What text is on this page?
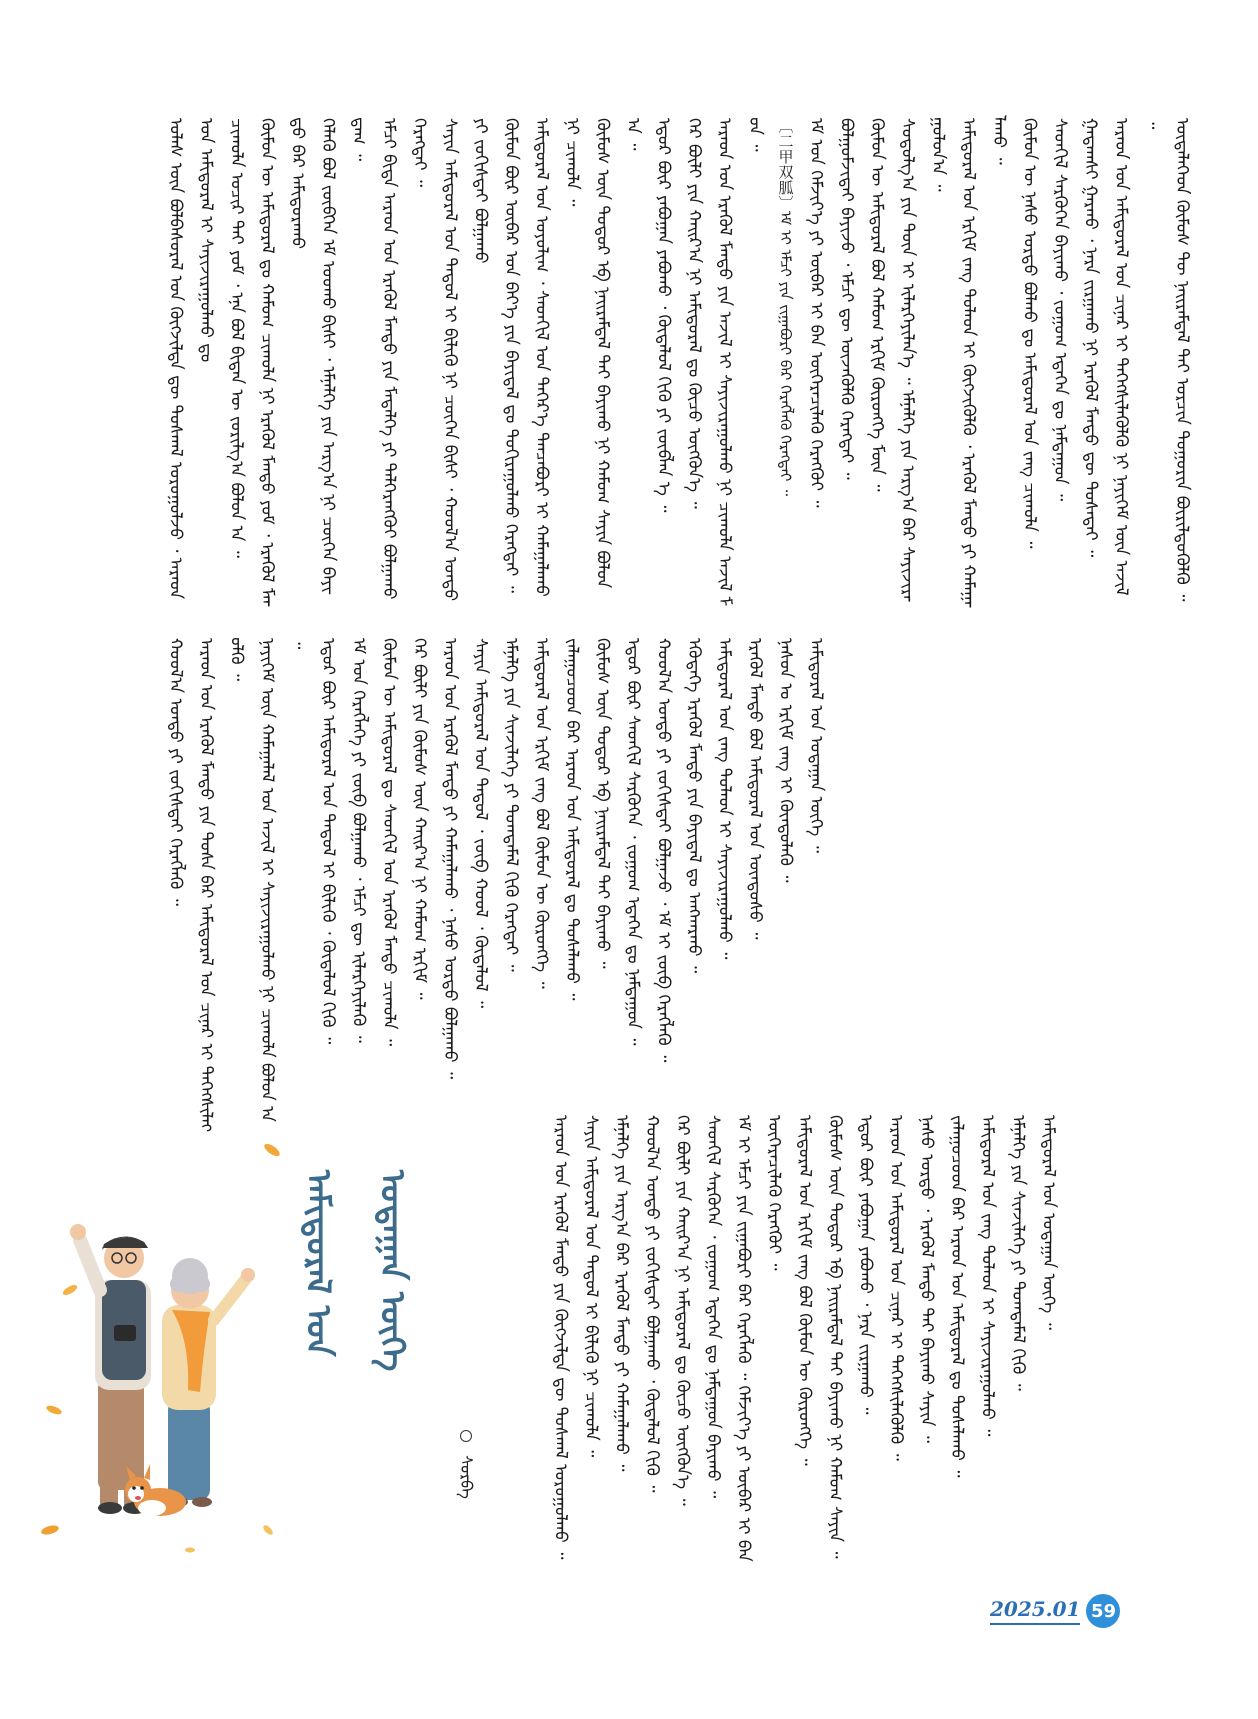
ᠤᠯᠠᠰ ᠦᠨ ᠪᠣᠯᠪᠠᠰᠤᠷᠠᠯ ᠤᠨ ᠬᠥᠭᠵᠢᠯᠲᠡ ᠳᠦ ᠳᠤᠰᠬᠠᠯ ᠣᠷᠤᠭᠤᠯᠵᠤ ᠂ ᠠᠷᠠᠳ ᠤᠨ ᠠᠮᠢᠳᠤᠷᠠᠯ ᠢ ᠰᠠᠶᠢᠵᠢᠷᠠᠭᠤᠯᠬᠤ ᠳᠤ ᠴᠢᠬᠤᠯᠠ ᠤᠴᠢᠷ ᠲᠠᠢ ᠶᠤᠮ ᠂ ᠡᠨᠡ ᠪᠣᠯ ᠪᠢᠳᠡᠨ ᠦ ᠵᠣᠷᠢᠯᠭ᠎ᠠ ᠪᠣᠯᠤᠨ ᠠ ᠃ ᠬᠦᠮᠦᠨ ᠦ ᠠᠮᠢᠳᠤᠷᠠᠯ ᠳᠤ ᠬᠠᠮᠤᠭ ᠴᠢᠬᠤᠯᠠ ᠨᠢ ᠡᠷᠡᠬᠦᠯ ᠮᠡᠨᠳᠦ ᠶᠤᠮ ᠂ ᠡᠷᠡᠬᠦᠯ ᠮᠡᠨᠳᠦ ᠪᠡᠷ ᠠᠮᠢᠳᠤᠷᠠᠬᠤ ᠬᠡᠯᠡᠬᠦ ᠪᠣᠯ ᠵᠥᠪᠬᠡᠨ ᠡᠮ ᠤᠤᠬᠤ ᠪᠢᠰᠢ ᠂ ᠡᠮᠨᠡᠯᠭᠡ ᠶᠢᠨ ᠠᠷᠭ᠎ᠠ ᠨᠢ ᠴᠥᠭᠡᠨ ᠪᠠᠶᠢᠳᠠᠭ ᠃ ᠡᠮᠴᠢ ᠪᠢᠳᠡ ᠠᠷᠠᠳ ᠤᠨ ᠡᠷᠡᠬᠦᠯ ᠮᠡᠨᠳᠦ ᠶᠢᠨ ᠮᠡᠳᠡᠯᠭᠡ ᠶᠢ ᠳᠡᠯᠭᠡᠷᠡᠩᠭᠦᠢ ᠪᠣᠯᠭᠠᠬᠤ ᠬᠡᠷᠡᠭᠲᠡᠢ ᠃ ᠰᠠᠶᠢᠨ ᠠᠮᠢᠳᠤᠷᠠᠯ ᠤᠨ ᠳᠠᠳᠤᠯ ᠢ ᠪᠢᠯᠢᠬᠦ ᠨᠢ ᠴᠥᠭᠡᠨ ᠪᠢᠰᠢ ᠂ ᠬᠣᠣᠯ᠎ᠠ ᠤᠨᠳᠤ ᠶᠢ ᠵᠣᠬᠢᠰᠲᠠᠢ ᠪᠣᠯᠭᠠᠬᠤ ᠬᠦᠮᠦᠨ ᠪᠦᠷ ᠥᠪᠡᠷ ᠤᠨ ᠪᠡᠶ᠎ᠡ ᠶᠢᠨ ᠪᠠᠶᠢᠳᠠᠯ ᠳᠤ ᠲᠣᠬᠢᠷᠠᠭᠤᠯᠬᠤ ᠬᠡᠷᠡᠭᠲᠡᠢ ᠃ ᠠᠮᠢᠳᠤᠷᠠᠯ ᠤᠨ ᠤᠶᠤᠯᠢᠭ ᠂ ᠰᠡᠳᠬᠢᠯ ᠤᠨ ᠳᠡᠭᠡᠷ᠎ᠡ ᠲᠡᠨᠴᠡᠪᠦᠷᠢ ᠢ ᠬᠠᠮᠠᠭᠠᠯᠠᠬᠤ ᠨᠢ ᠴᠢᠬᠤᠯᠠ ᠃ ᠬᠦᠮᠦᠰ ᠦᠨ ᠳᠤᠳᠤᠷ ᠡᠪ ᠨᠠᠢᠷᠠᠮᠳᠠᠯ ᠲᠠᠢ ᠪᠠᠶᠢᠬᠤ ᠨᠢ ᠬᠠᠮᠤᠭ ᠰᠠᠶᠢᠨ ᠪᠣᠯᠤᠨ ᠠ ᠃ ᠡᠳᠦᠷ ᠪᠦᠷ ᠶᠠᠪᠤᠭᠠᠨ ᠶᠠᠪᠤᠬᠤ ᠂ ᠬᠥᠳᠡᠯᠦᠯ ᠬᠢᠬᠦ ᠶᠢ ᠵᠥᠪᠯᠡᠨ ᠡ ᠃ ᠭᠡᠷ ᠪᠦᠯᠢ ᠶᠢᠨ ᠬᠠᠢᠷ᠎ᠠ ᠨᠢ ᠠᠮᠢᠳᠤᠷᠠᠯ ᠳᠤ ᠬᠦᠴᠦ ᠥᠭᠭᠦᠨ᠎ᠡ ᠃ ᠠᠷᠠᠳ ᠤᠨ ᠡᠷᠡᠬᠦᠯ ᠮᠡᠨᠳᠦ ᠶᠢᠨ ᠠᠵᠢᠯ ᠢ ᠰᠠᠶᠢᠵᠢᠷᠠᠭᠤᠯᠬᠤ ᠨᠢ ᠴᠢᠬᠤᠯᠠ ᠠᠵᠢᠯ ᠮᠥᠨ ᠃ 〔二甲双胍〕ᠡᠮ ᠢ ᠡᠮᠴᠢ ᠶᠢᠨ ᠵᠢᠭᠠᠪᠤᠷᠢ ᠪᠡᠷ ᠬᠡᠷᠡᠭᠯᠡᠬᠦ ᠬᠡᠷᠡᠭᠲᠡᠢ ᠃ ᠡᠮ ᠤᠨ ᠬᠡᠮᠵᠢᠶ᠎ᠡ ᠶᠢ ᠥᠪᠡᠷ ᠢ ᠪᠡᠨ ᠥᠭᠡᠷᠡᠴᠢᠯᠡᠬᠦ ᠬᠡᠷᠡᠭᠭᠦᠢ ᠃ ᠪᠣᠯᠭᠣᠮᠵᠢᠲᠠᠢ ᠪᠠᠶᠢᠵᠤ ᠂ ᠡᠮᠴᠢ ᠳᠦ ᠦᠵᠡᠭᠦᠯᠬᠦ ᠬᠡᠷᠡᠭᠲᠡᠢ ᠃ ᠬᠦᠮᠦᠨ ᠦ ᠠᠮᠢᠳᠤᠷᠠᠯ ᠪᠣᠯ ᠬᠠᠮᠤᠭ ᠡᠷᠬᠢᠮ ᠬᠥᠷᠥᠩᠭᠡ ᠮᠥᠨ ᠃ ᠰᠣᠳᠤᠯᠭ᠎ᠠ ᠶᠢᠨ ᠳᠦᠨ ᠢ ᠢᠯᠡᠷᠬᠡᠶᠢᠯᠡᠨ᠎ᠡ ᠃ ᠡᠮᠨᠡᠯᠭᠡ ᠶᠢᠨ ᠠᠷᠭ᠎ᠠ ᠪᠠᠷ ᠰᠠᠶᠢᠵᠢᠷᠠᠭᠤᠯᠤᠨ᠎ᠠ ᠃ ᠠᠮᠢᠳᠤᠷᠠᠯ ᠤᠨ ᠡᠷᠬᠢᠮ ᠵᠠᠩ ᠲᠤᠯᠠᠳ ᠢ ᠬᠥᠭᠵᠢᠭᠦᠯᠬᠦ ᠂ ᠡᠷᠡᠬᠦᠯ ᠮᠡᠨᠳᠦ ᠶᠢ ᠬᠠᠮᠠᠭᠠᠯᠠᠬᠤ ᠃ ᠬᠦᠮᠦᠨ ᠦ ᠨᠠᠰᠤ ᠤᠷᠲᠤ ᠪᠣᠯᠬᠤ ᠳᠤ ᠠᠮᠢᠳᠤᠷᠠᠯ ᠤᠨ ᠵᠠᠩ ᠴᠢᠬᠤᠯᠠ ᠃ ᠰᠡᠳᠬᠢᠯ ᠰᠡᠷᠭᠦᠭᠡᠨ ᠪᠠᠶᠢᠬᠤ ᠂ ᠵᠣᠭᠣᠭ ᠡᠳᠡᠭᠡᠨ ᠳᠤ ᠨᠠᠮᠳᠠᠭᠤᠨ ᠃ ᠭᠠᠳᠠᠭᠰᠢ ᠭᠠᠷᠬᠤ ᠂ ᠨᠠᠷᠠ ᠵᠢᠷᠭᠠᠬᠤ ᠨᠢ ᠡᠷᠡᠬᠦᠯ ᠮᠡᠨᠳᠦ ᠳᠦ ᠲᠤᠰᠠᠲᠠᠢ ᠃ ᠠᠷᠠᠳ ᠤᠨ ᠠᠮᠢᠳᠤᠷᠠᠯ ᠤᠨ ᠴᠢᠨᠠᠷ ᠢ ᠳᠡᠭᠡᠭᠰᠢᠯᠡᠭᠦᠯᠬᠦ ᠨᠢ ᠨᠡᠶᠢᠭᠡᠮ ᠦᠨ ᠠᠵᠢᠯ ᠃ ᠥᠳᠡᠯᠡᠭᠡᠳ ᠬᠦᠮᠦᠰ ᠲᠦ ᠨᠠᠢᠷᠠᠮᠳᠠᠯ ᠲᠠᠢ ᠣᠷᠴᠢᠨ ᠲᠣᠭᠣᠷᠢᠨ ᠪᠦᠷᠢᠯᠳᠦᠭᠦᠯᠬᠦ ᠃
ᠬᠣᠣᠯ᠎ᠠ ᠤᠨᠳᠤ ᠶᠢ ᠵᠣᠬᠢᠰᠲᠠᠢ ᠬᠡᠷᠡᠭᠯᠡᠬᠦ ᠃ ᠠᠷᠠᠳ ᠤᠨ ᠡᠷᠡᠬᠦᠯ ᠮᠡᠨᠳᠦ ᠶᠢᠨ ᠲᠤᠰᠠ ᠪᠠᠷ ᠠᠮᠢᠳᠤᠷᠠᠯ ᠤᠨ ᠴᠢᠨᠠᠷ ᠢ ᠳᠡᠭᠡᠭᠰᠢᠯᠡᠭᠦᠯᠬᠦ ᠃ ᠨᠡᠶᠢᠭᠡᠮ ᠦᠨ ᠬᠠᠮᠠᠭᠠᠯᠠᠯ ᠤᠨ ᠠᠵᠢᠯ ᠢ ᠰᠠᠶᠢᠵᠢᠷᠠᠭᠤᠯᠬᠤ ᠨᠢ ᠴᠢᠬᠤᠯᠠ ᠪᠣᠯᠤᠨ ᠠ ᠃ ᠡᠳᠦᠷ ᠪᠦᠷ ᠠᠮᠢᠳᠤᠷᠠᠯ ᠤᠨ ᠳᠠᠳᠤᠯ ᠢ ᠪᠢᠯᠢᠬᠦ ᠂ ᠬᠥᠳᠡᠯᠦᠯ ᠬᠢᠬᠦ ᠃ ᠡᠮ ᠤᠨ ᠬᠡᠷᠡᠭᠯᠡᠭᠡ ᠶᠢ ᠵᠥᠪ ᠪᠣᠯᠭᠠᠬᠤ ᠂ ᠡᠮᠴᠢ ᠳᠦ ᠢᠯᠡᠷᠬᠡᠶᠢᠯᠡᠬᠦ ᠃ ᠬᠦᠮᠦᠨ ᠦ ᠠᠮᠢᠳᠤᠷᠠᠯ ᠳᠤ ᠰᠡᠳᠬᠢᠯ ᠤᠨ ᠡᠷᠡᠬᠦᠯ ᠮᠡᠨᠳᠦ ᠴᠢᠬᠤᠯᠠ ᠃ ᠭᠡᠷ ᠪᠦᠯᠢ ᠶᠢᠨ ᠬᠦᠮᠦᠰ ᠦᠨ ᠬᠠᠢᠷ᠎ᠠ ᠨᠢ ᠬᠠᠮᠤᠭ ᠡᠷᠬᠢᠮ ᠃ ᠠᠷᠠᠳ ᠤᠨ ᠡᠷᠡᠬᠦᠯ ᠮᠡᠨᠳᠦ ᠶᠢ ᠬᠠᠮᠠᠭᠠᠯᠠᠬᠤ ᠂ ᠨᠠᠰᠤ ᠤᠷᠲᠤ ᠪᠣᠯᠭᠠᠬᠤ ᠃ ᠰᠠᠶᠢᠨ ᠠᠮᠢᠳᠤᠷᠠᠯ ᠤᠨ ᠳᠠᠳᠤᠯ ᠂ ᠵᠥᠪ ᠬᠣᠣᠯ ᠂ ᠬᠥᠳᠡᠯᠦᠯ ᠃ ᠡᠮᠨᠡᠯᠭᠡ ᠶᠢᠨ ᠰᠢᠨᠵᠢᠯᠡᠭᠡ ᠶᠢ ᠲᠣᠭᠲᠠᠮᠠᠯ ᠬᠢᠬᠦ ᠬᠡᠷᠡᠭᠲᠡᠢ ᠃ ᠠᠮᠢᠳᠤᠷᠠᠯ ᠤᠨ ᠡᠷᠬᠢᠮ ᠵᠠᠩ ᠪᠣᠯ ᠬᠦᠮᠦᠨ ᠦ ᠬᠥᠷᠥᠩᠭᠡ ᠃ ᠵᠠᠯᠠᠭᠤᠴᠤᠳ ᠪᠡᠷ ᠠᠷᠠᠳ ᠤᠨ ᠠᠮᠢᠳᠤᠷᠠᠯ ᠳᠤ ᠲᠤᠰᠠᠯᠠᠬᠤ ᠃ ᠬᠦᠮᠦᠰ ᠦᠨ ᠳᠤᠳᠤᠷ ᠡᠪ ᠨᠠᠢᠷᠠᠮᠳᠠᠯ ᠲᠠᠢ ᠪᠠᠶᠢᠬᠤ ᠃ ᠡᠳᠦᠷ ᠪᠦᠷ ᠰᠡᠳᠬᠢᠯ ᠰᠡᠷᠭᠦᠭᠡᠨ ᠂ ᠵᠣᠭᠣᠭ ᠡᠳᠡᠭᠡᠨ ᠳᠤ ᠨᠠᠮᠳᠠᠭᠤᠨ ᠃ ᠬᠣᠣᠯ᠎ᠠ ᠤᠨᠳᠤ ᠶᠢ ᠵᠣᠬᠢᠰᠲᠠᠢ ᠪᠣᠯᠭᠠᠵᠤ ᠂ ᠡᠮ ᠢ ᠵᠥᠪ ᠬᠡᠷᠡᠭᠯᠡᠬᠦ ᠃ ᠡᠭᠦᠳᠡᠭᠡ ᠡᠷᠡᠬᠦᠯ ᠮᠡᠨᠳᠦ ᠶᠢᠨ ᠪᠠᠶᠢᠳᠠᠯ ᠳᠤ ᠠᠩᠬᠠᠷᠬᠤ ᠃ ᠠᠮᠢᠳᠤᠷᠠᠯ ᠤᠨ ᠵᠠᠩ ᠲᠤᠯᠠᠳ ᠢ ᠰᠠᠶᠢᠵᠢᠷᠠᠭᠤᠯᠬᠤ ᠃ ᠡᠷᠡᠬᠦᠯ ᠮᠡᠨᠳᠦ ᠪᠣᠯ ᠠᠮᠢᠳᠤᠷᠠᠯ ᠤᠨ ᠦᠨᠳᠦᠰᠦ ᠃ ᠨᠠᠰᠤᠨ ᠤ ᠡᠷᠬᠢᠮ ᠵᠠᠩ ᠢ ᠬᠦᠨᠳᠦᠯᠡᠬᠦ ᠃ ᠠᠮᠢᠳᠤᠷᠠᠯ ᠤᠨ ᠤᠳᠠᠭᠠᠨ ᠦᠭᠡ ᠃
ᠠᠷᠠᠳ ᠤᠨ ᠡᠷᠡᠬᠦᠯ ᠮᠡᠨᠳᠦ ᠶᠢᠨ ᠬᠥᠭᠵᠢᠯᠲᠡ ᠳᠦ ᠳᠤᠰᠬᠠᠯ ᠣᠷᠤᠭᠤᠯᠬᠤ ᠃ ᠰᠠᠶᠢᠨ ᠠᠮᠢᠳᠤᠷᠠᠯ ᠤᠨ ᠳᠠᠳᠤᠯ ᠢ ᠪᠢᠯᠢᠬᠦ ᠨᠢ ᠴᠢᠬᠤᠯᠠ ᠃ ᠡᠮᠨᠡᠯᠭᠡ ᠶᠢᠨ ᠠᠷᠭ᠎ᠠ ᠪᠠᠷ ᠡᠷᠡᠬᠦᠯ ᠮᠡᠨᠳᠦ ᠶᠢ ᠬᠠᠮᠠᠭᠠᠯᠠᠬᠤ ᠃ ᠬᠣᠣᠯ᠎ᠠ ᠤᠨᠳᠤ ᠶᠢ ᠵᠣᠬᠢᠰᠲᠠᠢ ᠪᠣᠯᠭᠠᠬᠤ ᠂ ᠬᠥᠳᠡᠯᠦᠯ ᠬᠢᠬᠦ ᠃ ᠭᠡᠷ ᠪᠦᠯᠢ ᠶᠢᠨ ᠬᠠᠢᠷ᠎ᠠ ᠨᠢ ᠠᠮᠢᠳᠤᠷᠠᠯ ᠳᠤ ᠬᠦᠴᠦ ᠥᠭᠭᠦᠨ᠎ᠡ ᠃ ᠰᠡᠳᠬᠢᠯ ᠰᠡᠷᠭᠦᠭᠡᠨ ᠂ ᠵᠣᠭᠣᠭ ᠡᠳᠡᠭᠡᠨ ᠳᠤ ᠨᠠᠮᠳᠠᠭᠤᠨ ᠪᠠᠶᠢᠬᠤ ᠃ ᠡᠮ ᠢ ᠡᠮᠴᠢ ᠶᠢᠨ ᠵᠢᠭᠠᠪᠤᠷᠢ ᠪᠡᠷ ᠬᠡᠷᠡᠭᠯᠡᠬᠦ ᠃ ᠬᠡᠮᠵᠢᠶ᠎ᠡ ᠶᠢ ᠥᠪᠡᠷ ᠢ ᠪᠡᠨ ᠥᠭᠡᠷᠡᠴᠢᠯᠡᠬᠦ ᠬᠡᠷᠡᠭᠭᠦᠢ ᠃ ᠠᠮᠢᠳᠤᠷᠠᠯ ᠤᠨ ᠡᠷᠬᠢᠮ ᠵᠠᠩ ᠪᠣᠯ ᠬᠦᠮᠦᠨ ᠦ ᠬᠥᠷᠥᠩᠭᠡ ᠃ ᠬᠦᠮᠦᠰ ᠦᠨ ᠳᠤᠳᠤᠷ ᠡᠪ ᠨᠠᠢᠷᠠᠮᠳᠠᠯ ᠲᠠᠢ ᠪᠠᠶᠢᠬᠤ ᠨᠢ ᠬᠠᠮᠤᠭ ᠰᠠᠶᠢᠨ ᠃ ᠡᠳᠦᠷ ᠪᠦᠷ ᠶᠠᠪᠤᠭᠠᠨ ᠶᠠᠪᠤᠬᠤ ᠂ ᠨᠠᠷᠠ ᠵᠢᠷᠭᠠᠬᠤ ᠃ ᠠᠷᠠᠳ ᠤᠨ ᠠᠮᠢᠳᠤᠷᠠᠯ ᠤᠨ ᠴᠢᠨᠠᠷ ᠢ ᠳᠡᠭᠡᠭᠰᠢᠯᠡᠭᠦᠯᠬᠦ ᠃ ᠨᠠᠰᠤ ᠤᠷᠲᠤ ᠂ ᠡᠷᠡᠬᠦᠯ ᠮᠡᠨᠳᠦ ᠲᠡᠢ ᠪᠠᠶᠢᠬᠤ ᠰᠠᠶᠢᠨ ᠃ ᠵᠠᠯᠠᠭᠤᠴᠤᠳ ᠪᠡᠷ ᠠᠷᠠᠳ ᠤᠨ ᠠᠮᠢᠳᠤᠷᠠᠯ ᠳᠤ ᠲᠤᠰᠠᠯᠠᠬᠤ ᠃ ᠠᠮᠢᠳᠤᠷᠠᠯ ᠤᠨ ᠵᠠᠩ ᠲᠤᠯᠠᠳ ᠢ ᠰᠠᠶᠢᠵᠢᠷᠠᠭᠤᠯᠬᠤ ᠃ ᠡᠮᠨᠡᠯᠭᠡ ᠶᠢᠨ ᠰᠢᠨᠵᠢᠯᠡᠭᠡ ᠶᠢ ᠲᠣᠭᠲᠠᠮᠠᠯ ᠬᠢᠬᠦ ᠃ ᠠᠮᠢᠳᠤᠷᠠᠯ ᠤᠨ ᠤᠳᠠᠭᠠᠨ ᠦᠭᠡ ᠃
ᠠᠮᠢᠳᠤᠷᠠᠯ ᠤᠨ ᠤᠳᠠᠭᠠᠨ ᠦᠭᠡ
ᠰᠤᠷᠪᠠ
2025.01 59
